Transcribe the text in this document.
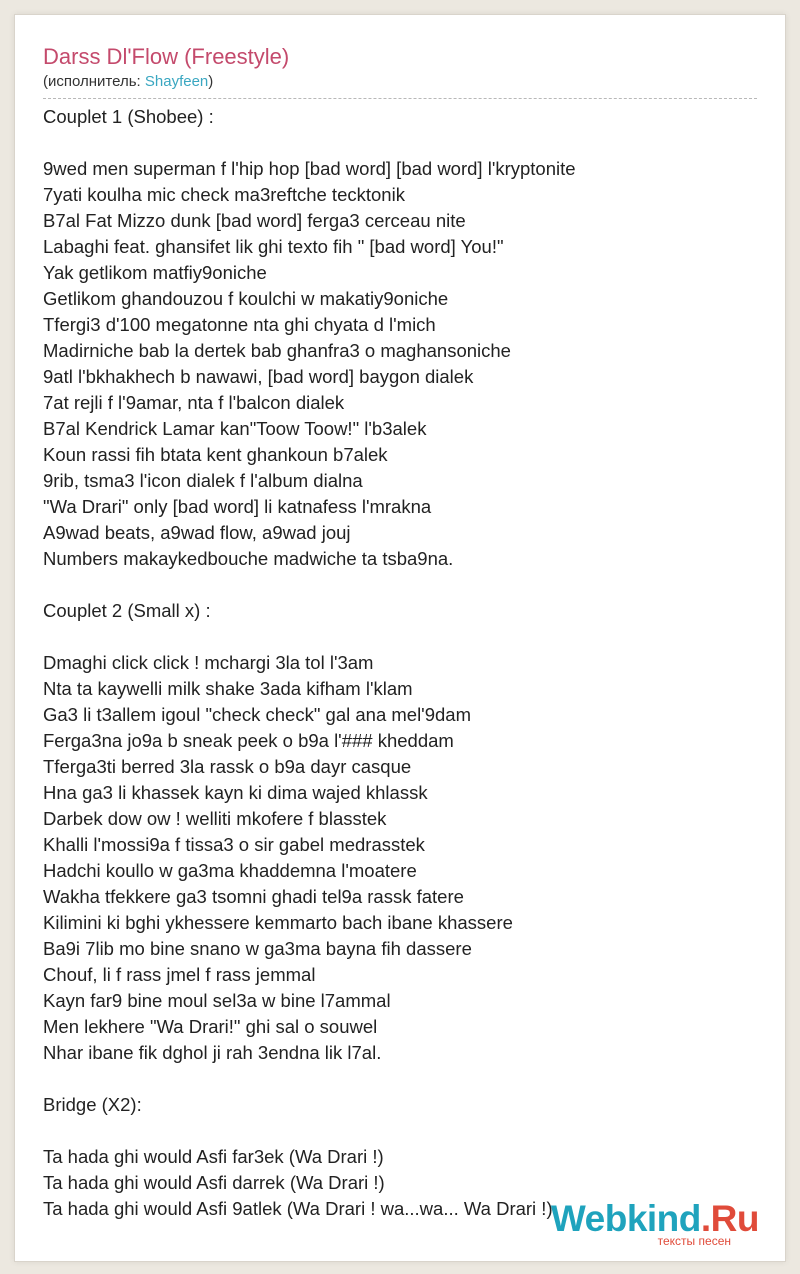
Darss Dl'Flow (Freestyle)
(исполнитель: Shayfeen)
Couplet 1 (Shobee) :
9wed men superman f l'hip hop [bad word] [bad word] l'kryptonite
7yati koulha mic check ma3reftche tecktonik
B7al Fat Mizzo dunk [bad word] ferga3 cerceau nite
Labaghi feat. ghansifet lik ghi texto fih " [bad word] You!"
Yak getlikom matfiy9oniche
Getlikom ghandouzou f koulchi w makatiy9oniche
Tfergi3 d'100 megatonne nta ghi chyata d l'mich
Madirniche bab la dertek bab ghanfra3 o maghansoniche
9atl l'bkhakhech b nawawi, [bad word] baygon dialek
7at rejli f l'9amar, nta f l'balcon dialek
B7al Kendrick Lamar kan"Toow Toow!" l'b3alek
Koun rassi fih btata kent ghankoun b7alek
9rib, tsma3 l'icon dialek f l'album dialna
"Wa Drari" only [bad word] li katnafess l'mrakna
A9wad beats, a9wad flow, a9wad jouj
Numbers makaykedbouche madwiche ta tsba9na.
Couplet 2 (Small x) :
Dmaghi click click ! mchargi 3la tol l'3am
Nta ta kaywelli milk shake 3ada kifham l'klam
Ga3 li t3allem igoul "check check" gal ana mel'9dam
Ferga3na jo9a b sneak peek o b9a l'### kheddam
Tferga3ti berred 3la rassk o b9a dayr casque
Hna ga3 li khassek kayn ki dima wajed khlassk
Darbek dow ow ! welliti mkofere f blasstek
Khalli l'mossi9a f tissa3 o sir gabel medrasstek
Hadchi koullo w ga3ma khaddemna l'moatere
Wakha tfekkere ga3 tsomni ghadi tel9a rassk fatere
Kilimini ki bghi ykhessere kemmarto bach ibane khassere
Ba9i 7lib mo bine snano w ga3ma bayna fih dassere
Chouf, li f rass jmel f rass jemmal
Kayn far9 bine moul sel3a w bine l7ammal
Men lekhere "Wa Drari!" ghi sal o souwel
Nhar ibane fik dghol ji rah 3endna lik l7al.
Bridge (X2):
Ta hada ghi would Asfi far3ek (Wa Drari !)
Ta hada ghi would Asfi darrek (Wa Drari !)
Ta hada ghi would Asfi 9atlek (Wa Drari ! wa...wa... Wa Drari !).
Webkind.Ru
тексты песен
